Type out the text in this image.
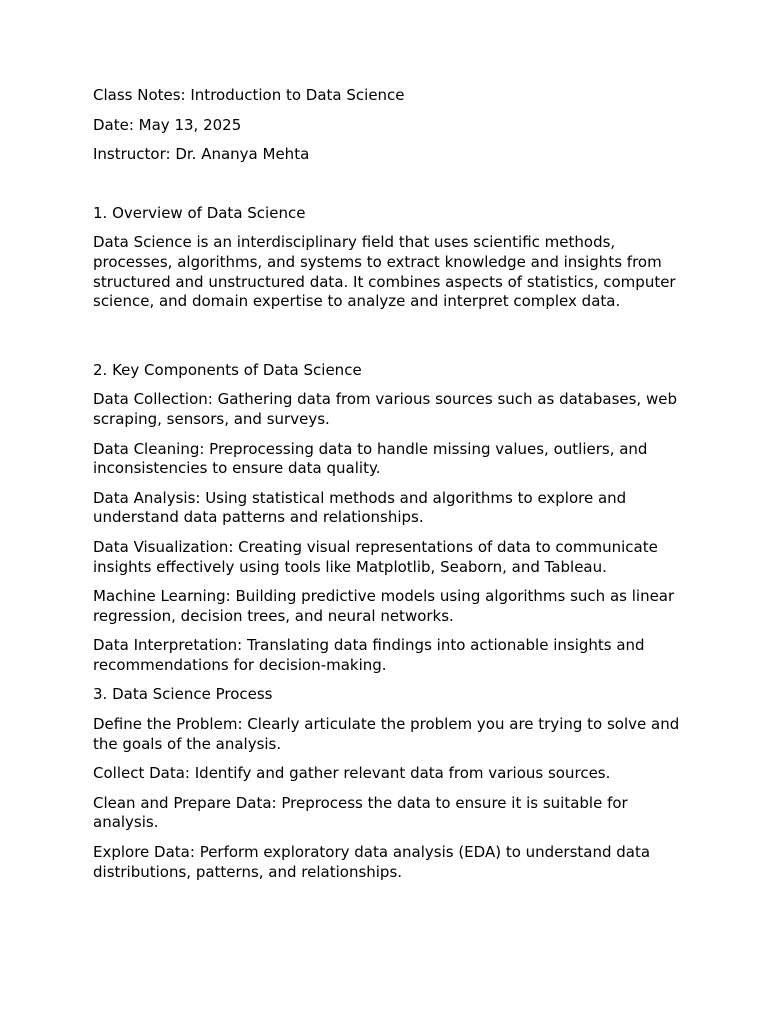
Class Notes: Introduction to Data Science

Date: May 13, 2025

Instructor: Dr. Ananya Mehta

1. Overview of Data Science

Data Science is an interdisciplinary field that uses scientific methods, processes, algorithms, and systems to extract knowledge and insights from structured and unstructured data. It combines aspects of statistics, computer science, and domain expertise to analyze and interpret complex data.

2. Key Components of Data Science

Data Collection: Gathering data from various sources such as databases, web scraping, sensors, and surveys.

Data Cleaning: Preprocessing data to handle missing values, outliers, and inconsistencies to ensure data quality.

Data Analysis: Using statistical methods and algorithms to explore and understand data patterns and relationships.

Data Visualization: Creating visual representations of data to communicate insights effectively using tools like Matplotlib, Seaborn, and Tableau.

Machine Learning: Building predictive models using algorithms such as linear regression, decision trees, and neural networks.

Data Interpretation: Translating data findings into actionable insights and recommendations for decision-making.

3. Data Science Process

Define the Problem: Clearly articulate the problem you are trying to solve and the goals of the analysis.

Collect Data: Identify and gather relevant data from various sources.

Clean and Prepare Data: Preprocess the data to ensure it is suitable for analysis.

Explore Data: Perform exploratory data analysis (EDA) to understand data distributions, patterns, and relationships.
